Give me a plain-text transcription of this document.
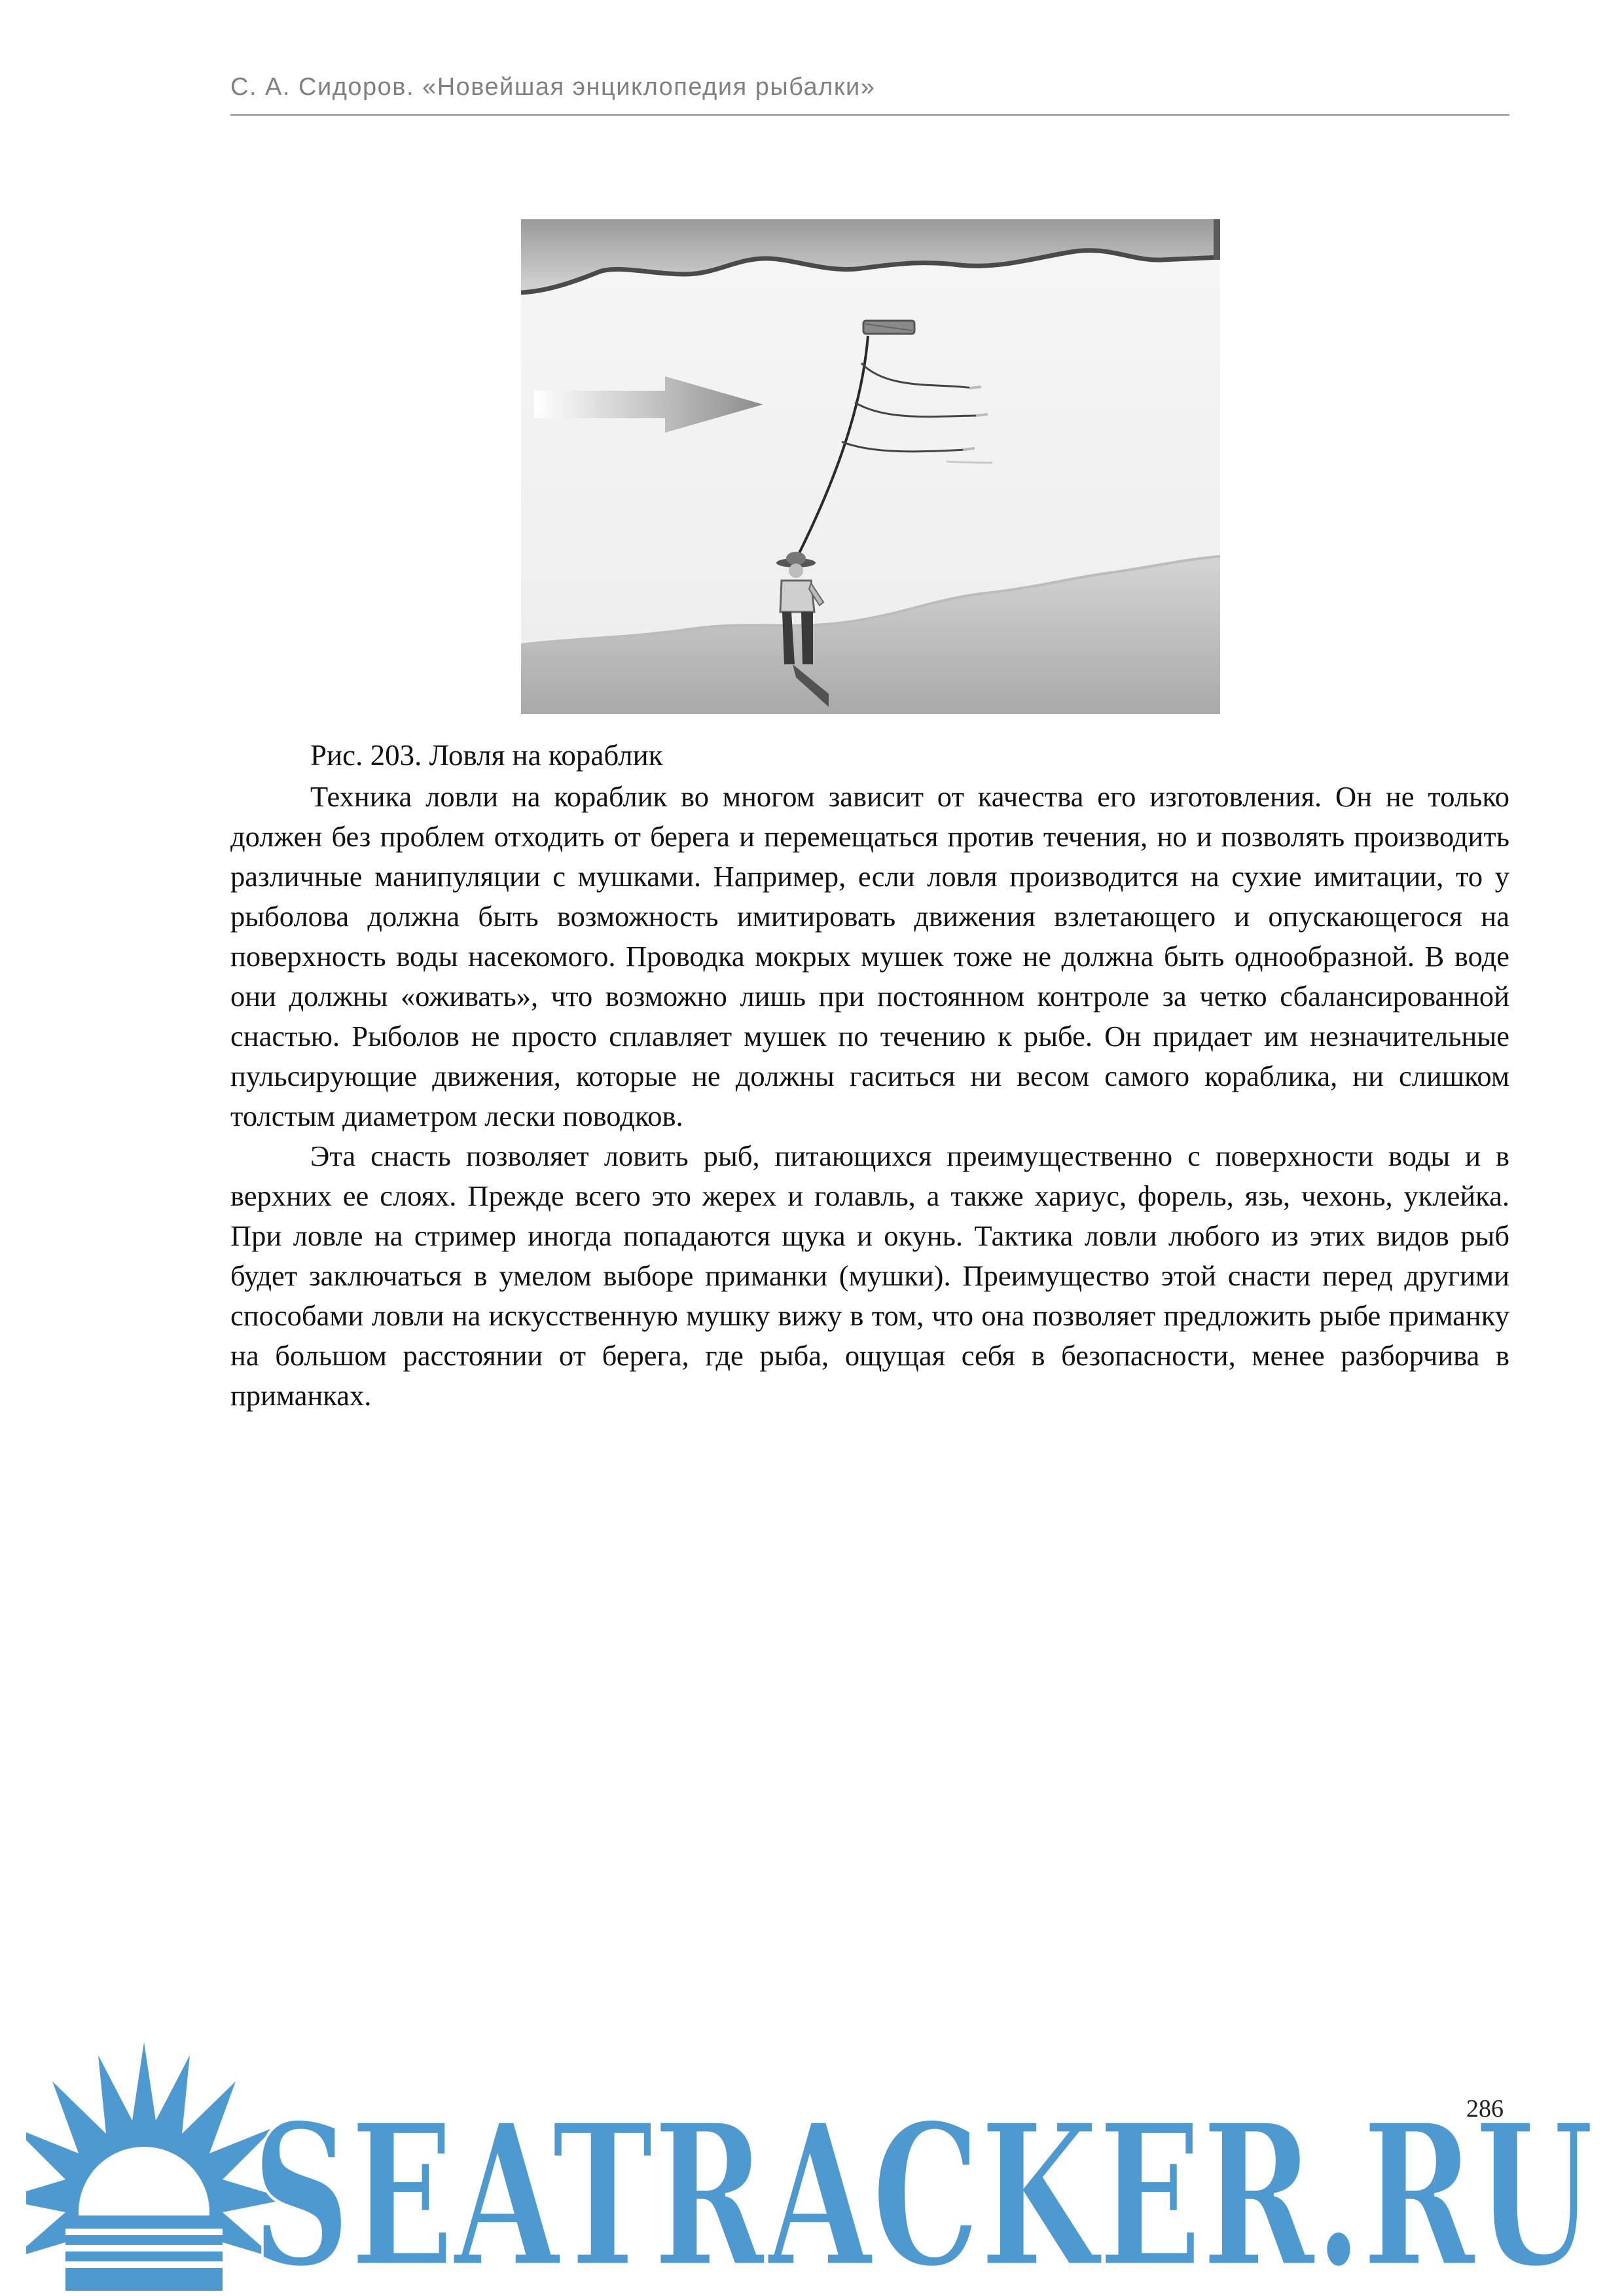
С. А. Сидоров. «Новейшая энциклопедия рыбалки»
Рис. 203. Ловля на кораблик

Техника ловли на кораблик во многом зависит от качества его изготовления. Он не только должен без проблем отходить от берега и перемещаться против течения, но и позволять производить различные манипуляции с мушками. Например, если ловля производится на сухие имитации, то у рыболова должна быть возможность имитировать движения взлетающего и опускающегося на поверхность воды насекомого. Проводка мокрых мушек тоже не должна быть однообразной. В воде они должны «оживать», что возможно лишь при постоянном контроле за четко сбалансированной снастью. Рыболов не просто сплавляет мушек по течению к рыбе. Он придает им незначительные пульсирующие движения, которые не должны гаситься ни весом самого кораблика, ни слишком толстым диаметром лески поводков.

Эта снасть позволяет ловить рыб, питающихся преимущественно с поверхности воды и в верхних ее слоях. Прежде всего это жерех и голавль, а также хариус, форель, язь, чехонь, уклейка. При ловле на стример иногда попадаются щука и окунь. Тактика ловли любого из этих видов рыб будет заключаться в умелом выборе приманки (мушки). Преимущество этой снасти перед другими способами ловли на искусственную мушку вижу в том, что она позволяет предложить рыбе приманку на большом расстоянии от берега, где рыба, ощущая себя в безопасности, менее разборчива в приманках.

SEATRACKER.RU
286
